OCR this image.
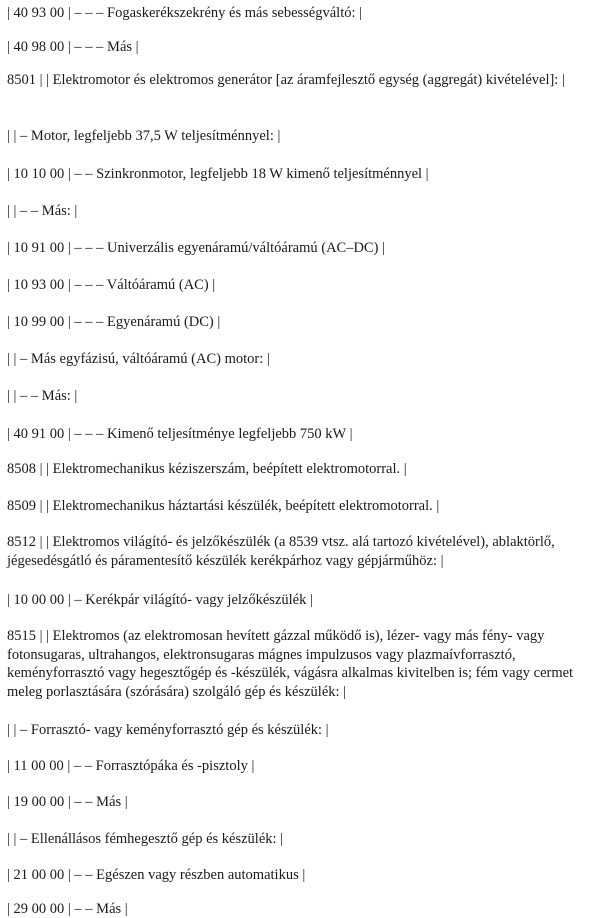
| 40 93 00 | – – – Fogaskerékszekrény és más sebességváltó: |
| 40 98 00 | – – – Más |
8501 | | Elektromotor és elektromos generátor [az áramfejlesztő egység (aggregát) kivételével]: |
| | – Motor, legfeljebb 37,5 W teljesítménnyel: |
| 10 10 00 | – – Szinkronmotor, legfeljebb 18 W kimenő teljesítménnyel |
| | – – Más: |
| 10 91 00 | – – – Univerzális egyenáramú/váltóáramú (AC–DC) |
| 10 93 00 | – – – Váltóáramú (AC) |
| 10 99 00 | – – – Egyenáramú (DC) |
| | – Más egyfázisú, váltóáramú (AC) motor: |
| | – – Más: |
| 40 91 00 | – – – Kimenő teljesítménye legfeljebb 750 kW |
8508 | | Elektromechanikus kéziszerszám, beépített elektromotorral. |
8509 | | Elektromechanikus háztartási készülék, beépített elektromotorral. |
8512 | | Elektromos világító- és jelzőkészülék (a 8539 vtsz. alá tartozó kivételével), ablaktörlő, jégesedésgátló és páramentesítő készülék kerékpárhoz vagy gépjárműhöz: |
| 10 00 00 | – Kerékpár világító- vagy jelzőkészülék |
8515 | | Elektromos (az elektromosan hevített gázzal működő is), lézer- vagy más fény- vagy fotonsugaras, ultrahangos, elektronsugaras mágnes impulzusos vagy plazmaívforrasztó, keményforrasztó vagy hegesztőgép és -készülék, vágásra alkalmas kivitelben is; fém vagy cermet meleg porlasztására (szórására) szolgáló gép és készülék: |
| | – Forrasztó- vagy keményforrasztó gép és készülék: |
| 11 00 00 | – – Forrasztópáka és -pisztoly |
| 19 00 00 | – – Más |
| | – Ellenállásos fémhegesztő gép és készülék: |
| 21 00 00 | – – Egészen vagy részben automatikus |
| 29 00 00 | – – Más |
